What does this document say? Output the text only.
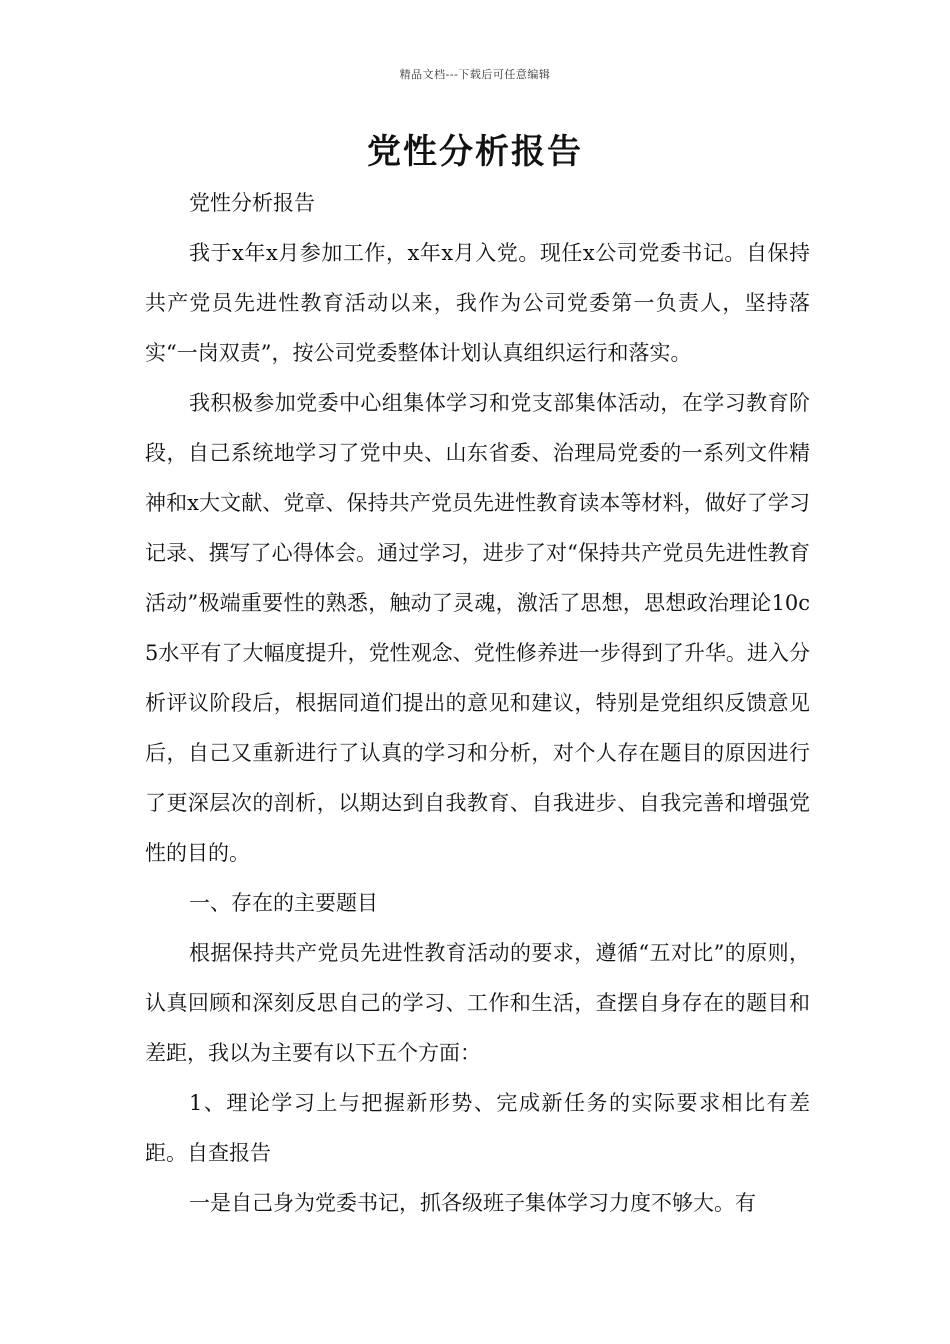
精品文档---下载后可任意编辑
党性分析报告

党性分析报告

我于x年x月参加工作，x年x月入党。现任x公司党委书记。自保持共产党员先进性教育活动以来，我作为公司党委第一负责人，坚持落实“一岗双责”，按公司党委整体计划认真组织运行和落实。

我积极参加党委中心组集体学习和党支部集体活动，在学习教育阶段，自己系统地学习了党中央、山东省委、治理局党委的一系列文件精神和x大文献、党章、保持共产党员先进性教育读本等材料，做好了学习记录、撰写了心得体会。通过学习，进步了对“保持共产党员先进性教育活动”极端重要性的熟悉，触动了灵魂，激活了思想，思想政治理论10c5水平有了大幅度提升，党性观念、党性修养进一步得到了升华。进入分析评议阶段后，根据同道们提出的意见和建议，特别是党组织反馈意见后，自己又重新进行了认真的学习和分析，对个人存在题目的原因进行了更深层次的剖析，以期达到自我教育、自我进步、自我完善和增强党性的目的。

一、存在的主要题目

根据保持共产党员先进性教育活动的要求，遵循“五对比”的原则，认真回顾和深刻反思自己的学习、工作和生活，查摆自身存在的题目和差距，我以为主要有以下五个方面：

1、理论学习上与把握新形势、完成新任务的实际要求相比有差距。自查报告

一是自己身为党委书记，抓各级班子集体学习力度不够大。有
